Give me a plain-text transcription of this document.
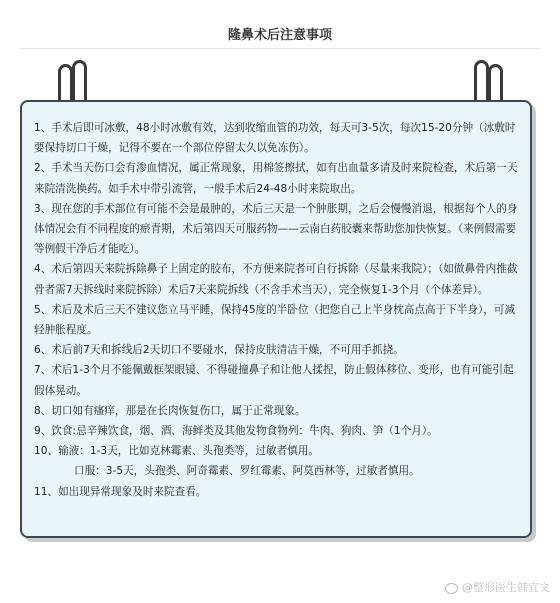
隆鼻术后注意事项

1、手术后即可冰敷，48小时冰敷有效，达到收缩血管的功效，每天可3-5次，每次15-20分钟（冰敷时要保持切口干燥，记得不要在一个部位停留太久以免冻伤）。

2、手术当天伤口会有渗血情况，属正常现象，用棉签擦拭，如有出血量多请及时来院检查，术后第一天来院清洗换药。如手术中带引流管，一般手术后24-48小时来院取出。

3、现在您的手术部位有可能不会是最肿的，术后三天是一个肿胀期，之后会慢慢消退，根据每个人的身体情况会有不同程度的瘀青期，术后第四天可服药物——云南白药胶囊来帮助您加快恢复。（来例假需要等例假干净后才能吃）。

4、术后第四天来院拆除鼻子上固定的胶布，不方便来院者可自行拆除（尽量来我院）；（如做鼻骨内推截骨者需7天拆线时来院拆除）术后7天来院拆线（不含手术当天），完全恢复1-3个月（个体差异）。

5、术后及术后三天不建议您立马平睡，保持45度的半卧位（把您自己上半身枕高点高于下半身），可减轻肿胀程度。

6、术后前7天和拆线后2天切口不要碰水，保持皮肤清洁干燥，不可用手抓挠。

7、术后1-3个月不能佩戴框架眼镜、不得碰撞鼻子和让他人揉捏，防止假体移位、变形，也有可能引起假体晃动。

8、切口如有瘙痒，那是在长肉恢复伤口，属于正常现象。

9、饮食:忌辛辣饮食，烟、酒、海鲜类及其他发物食物列：牛肉、狗肉、笋（1个月）。

10、输液：1-3天，比如克林霉素、头孢类等，过敏者慎用。

口服：3-5天，头孢类、阿奇霉素、罗红霉素、阿莫西林等，过敏者慎用。

11、如出现异常现象及时来院查看。

@整形医生韩宜文
